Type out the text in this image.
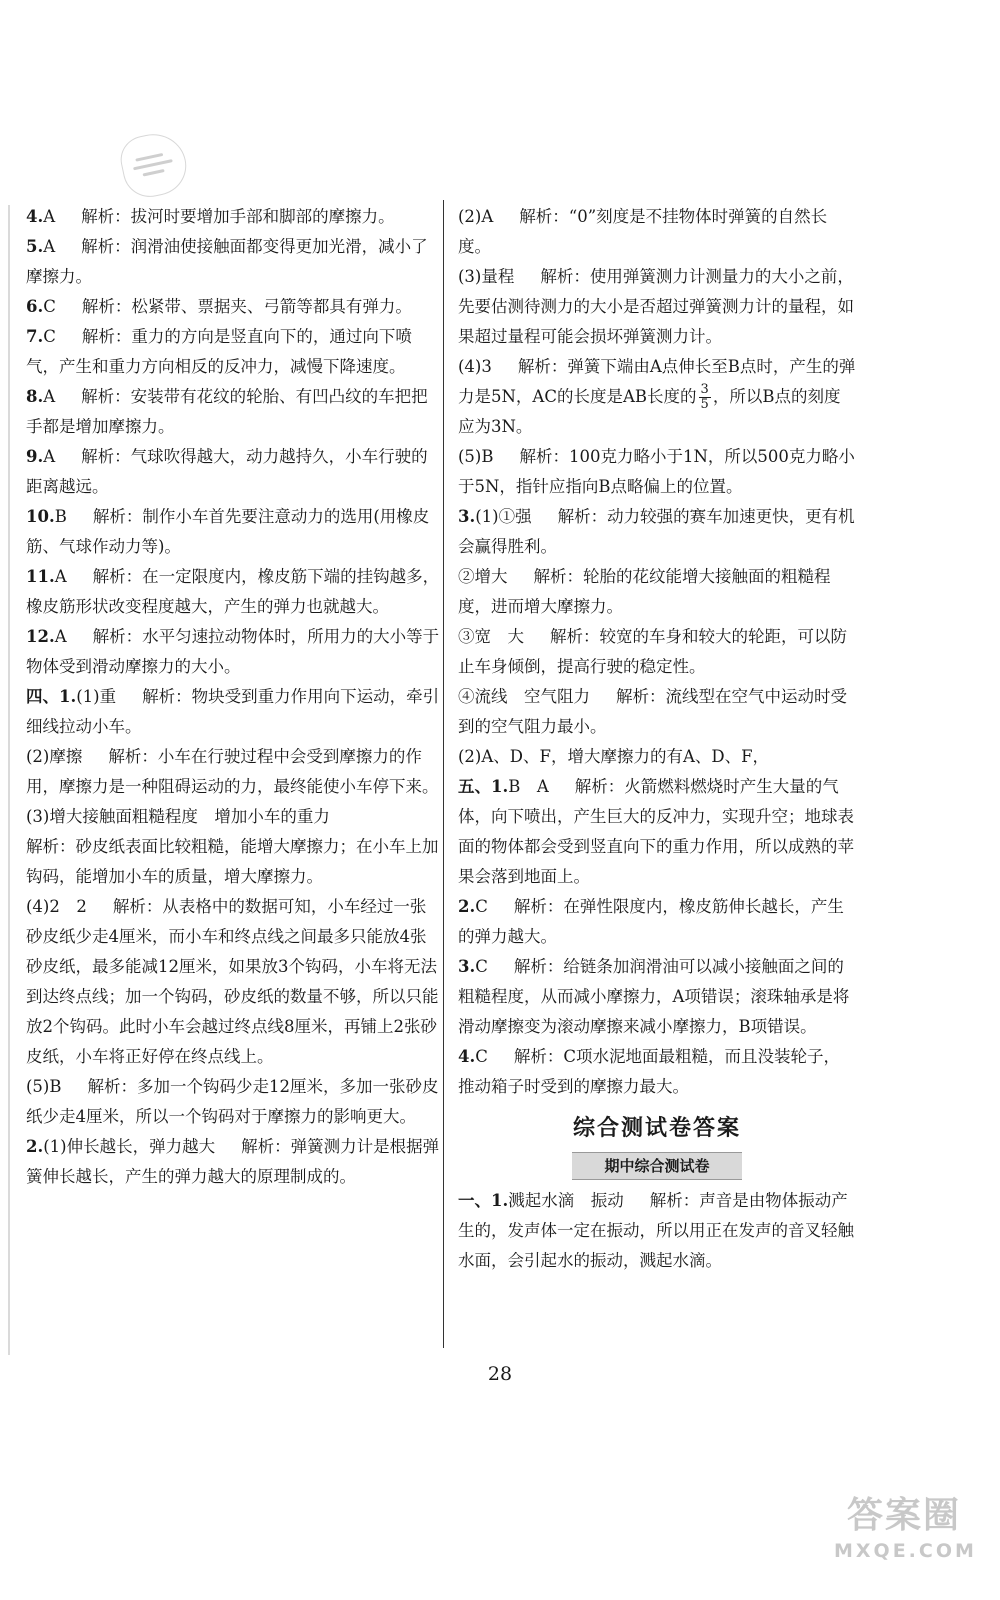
4.A 解析：拔河时要增加手部和脚部的摩擦力。

5.A 解析：润滑油使接触面都变得更加光滑，减小了摩擦力。

6.C 解析：松紧带、票据夹、弓箭等都具有弹力。

7.C 解析：重力的方向是竖直向下的，通过向下喷气，产生和重力方向相反的反冲力，减慢下降速度。

8.A 解析：安装带有花纹的轮胎、有凹凸纹的车把把手都是增加摩擦力。

9.A 解析：气球吹得越大，动力越持久，小车行驶的距离越远。

10.B 解析：制作小车首先要注意动力的选用(用橡皮筋、气球作动力等)。

11.A 解析：在一定限度内，橡皮筋下端的挂钩越多，橡皮筋形状改变程度越大，产生的弹力也就越大。

12.A 解析：水平匀速拉动物体时，所用力的大小等于物体受到滑动摩擦力的大小。

四、1.(1)重 解析：物块受到重力作用向下运动，牵引细线拉动小车。

(2)摩擦 解析：小车在行驶过程中会受到摩擦力的作用，摩擦力是一种阻碍运动的力，最终能使小车停下来。

(3)增大接触面粗糙程度　增加小车的重力

解析：砂皮纸表面比较粗糙，能增大摩擦力；在小车上加钩码，能增加小车的质量，增大摩擦力。

(4)2　2 解析：从表格中的数据可知，小车经过一张砂皮纸少走4厘米，而小车和终点线之间最多只能放4张砂皮纸，最多能减12厘米，如果放3个钩码，小车将无法到达终点线；加一个钩码，砂皮纸的数量不够，所以只能放2个钩码。此时小车会越过终点线8厘米，再铺上2张砂皮纸，小车将正好停在终点线上。

(5)B 解析：多加一个钩码少走12厘米，多加一张砂皮纸少走4厘米，所以一个钩码对于摩擦力的影响更大。

2.(1)伸长越长，弹力越大 解析：弹簧测力计是根据弹簧伸长越长，产生的弹力越大的原理制成的。

(2)A 解析：“0”刻度是不挂物体时弹簧的自然长度。

(3)量程 解析：使用弹簧测力计测量力的大小之前，先要估测待测力的大小是否超过弹簧测力计的量程，如果超过量程可能会损坏弹簧测力计。

(4)3 解析：弹簧下端由A点伸长至B点时，产生的弹力是5N，AC的长度是AB长度的 $\frac{3}{5}$ ，所以B点的刻度应为3N。

(5)B 解析：100克力略小于1N，所以500克力略小于5N，指针应指向B点略偏上的位置。

3.(1)①强 解析：动力较强的赛车加速更快，更有机会赢得胜利。

②增大 解析：轮胎的花纹能增大接触面的粗糙程度，进而增大摩擦力。

③宽　大 解析：较宽的车身和较大的轮距，可以防止车身倾倒，提高行驶的稳定性。

④流线　空气阻力 解析：流线型在空气中运动时受到的空气阻力最小。

(2)A、D、F，增大摩擦力的有A、D、F，

五、1.B　A 解析：火箭燃料燃烧时产生大量的气体，向下喷出，产生巨大的反冲力，实现升空；地球表面的物体都会受到竖直向下的重力作用，所以成熟的苹果会落到地面上。

2.C 解析：在弹性限度内，橡皮筋伸长越长，产生的弹力越大。

3.C 解析：给链条加润滑油可以减小接触面之间的粗糙程度，从而减小摩擦力，A项错误；滚珠轴承是将滑动摩擦变为滚动摩擦来减小摩擦力，B项错误。

4.C 解析：C项水泥地面最粗糙，而且没装轮子，推动箱子时受到的摩擦力最大。

综合测试卷答案
期中综合测试卷

一、1.溅起水滴　振动 解析：声音是由物体振动产生的，发声体一定在振动，所以用正在发声的音叉轻触水面，会引起水的振动，溅起水滴。

28
答案圈
MXQE.COM
